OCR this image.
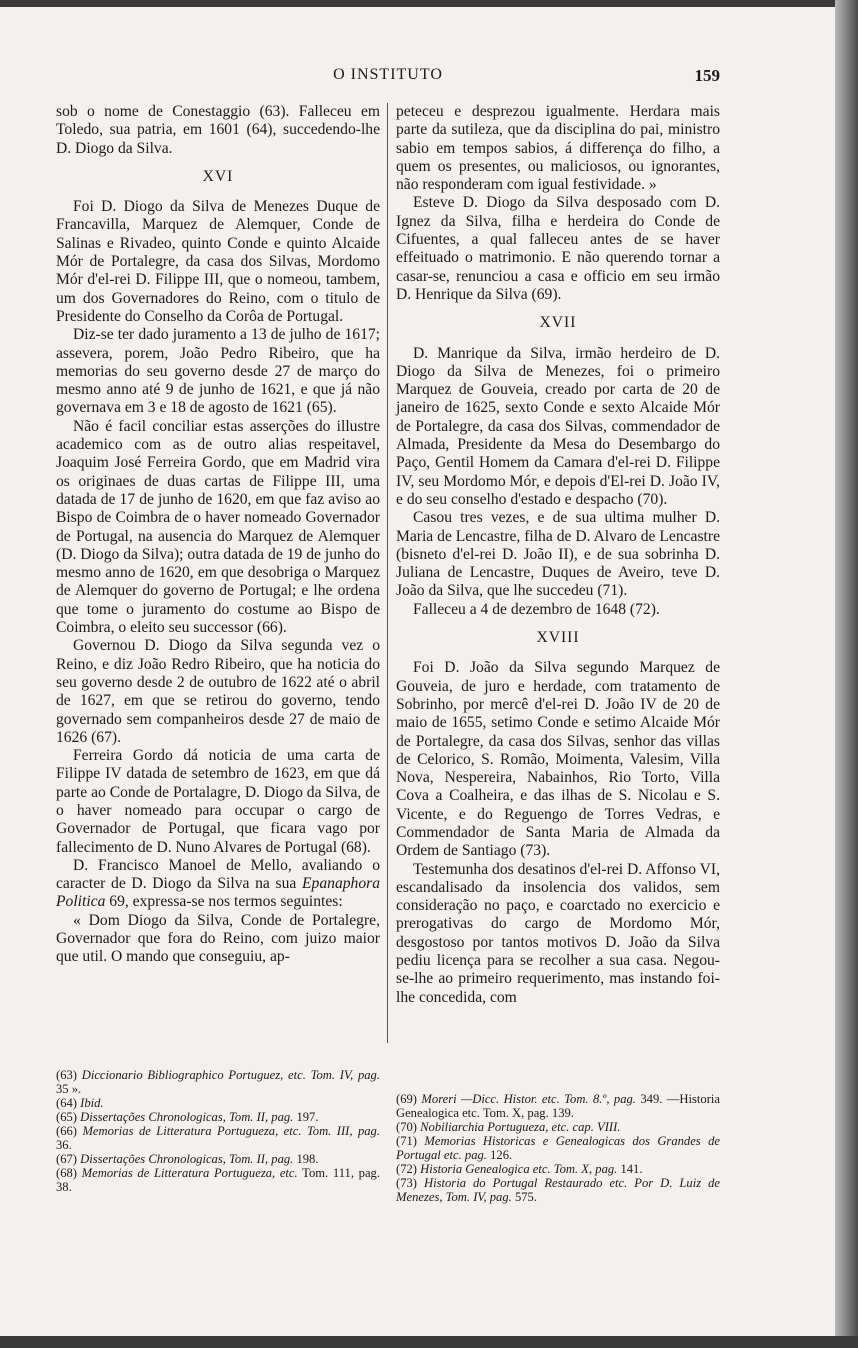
O INSTITUTO	159

sob o nome de Conestaggio (63). Falleceu em Toledo, sua patria, em 1601 (64), succedendo-lhe D. Diogo da Silva.

XVI

Foi D. Diogo da Silva de Menezes Duque de Francavilla, Marquez de Alemquer, Conde de Salinas e Rivadeo, quinto Conde e quinto Alcaide Mór de Portalegre, da casa dos Silvas, Mordomo Mór d'el-rei D. Filippe III, que o nomeou, tambem, um dos Governadores do Reino, com o titulo de Presidente do Conselho da Corôa de Portugal.

Diz-se ter dado juramento a 13 de julho de 1617; assevera, porem, João Pedro Ribeiro, que ha memorias do seu governo desde 27 de março do mesmo anno até 9 de junho de 1621, e que já não governava em 3 e 18 de agosto de 1621 (65).

Não é facil conciliar estas asserções do illustre academico com as de outro alias respeitavel, Joaquim José Ferreira Gordo, que em Madrid vira os originaes de duas cartas de Filippe III, uma datada de 17 de junho de 1620, em que faz aviso ao Bispo de Coimbra de o haver nomeado Governador de Portugal, na ausencia do Marquez de Alemquer (D. Diogo da Silva); outra datada de 19 de junho do mesmo anno de 1620, em que desobriga o Marquez de Alemquer do governo de Portugal; e lhe ordena que tome o juramento do costume ao Bispo de Coimbra, o eleito seu successor (66).

Governou D. Diogo da Silva segunda vez o Reino, e diz João Redro Ribeiro, que ha noticia do seu governo desde 2 de outubro de 1622 até o abril de 1627, em que se retirou do governo, tendo governado sem companheiros desde 27 de maio de 1626 (67).

Ferreira Gordo dá noticia de uma carta de Filippe IV datada de setembro de 1623, em que dá parte ao Conde de Portalagre, D. Diogo da Silva, de o haver nomeado para occupar o cargo de Governador de Portugal, que ficara vago por fallecimento de D. Nuno Alvares de Portugal (68).

D. Francisco Manoel de Mello, avaliando o caracter de D. Diogo da Silva na sua Epanaphora Politica 69, expressa-se nos termos seguintes:

« Dom Diogo da Silva, Conde de Portalegre, Governador que fora do Reino, com juizo maior que util. O mando que conseguiu, ap-

peteceu e desprezou igualmente. Herdara mais parte da sutileza, que da disciplina do pai, ministro sabio em tempos sabios, á differença do filho, a quem os presentes, ou maliciosos, ou ignorantes, não responderam com igual festividade. »

Esteve D. Diogo da Silva desposado com D. Ignez da Silva, filha e herdeira do Conde de Cifuentes, a qual falleceu antes de se haver effeituado o matrimonio. E não querendo tornar a casar-se, renunciou a casa e officio em seu irmão D. Henrique da Silva (69).

XVII

D. Manrique da Silva, irmão herdeiro de D. Diogo da Silva de Menezes, foi o primeiro Marquez de Gouveia, creado por carta de 20 de janeiro de 1625, sexto Conde e sexto Alcaide Mór de Portalegre, da casa dos Silvas, commendador de Almada, Presidente da Mesa do Desembargo do Paço, Gentil Homem da Camara d'el-rei D. Filippe IV, seu Mordomo Mór, e depois d'El-rei D. João IV, e do seu conselho d'estado e despacho (70).

Casou tres vezes, e de sua ultima mulher D. Maria de Lencastre, filha de D. Alvaro de Lencastre (bisneto d'el-rei D. João II), e de sua sobrinha D. Juliana de Lencastre, Duques de Aveiro, teve D. João da Silva, que lhe succedeu (71).

Falleceu a 4 de dezembro de 1648 (72).

XVIII

Foi D. João da Silva segundo Marquez de Gouveia, de juro e herdade, com tratamento de Sobrinho, por mercê d'el-rei D. João IV de 20 de maio de 1655, setimo Conde e setimo Alcaide Mór de Portalegre, da casa dos Silvas, senhor das villas de Celorico, S. Romão, Moimenta, Valesim, Villa Nova, Nespereira, Nabainhos, Rio Torto, Villa Cova a Coalheira, e das ilhas de S. Nicolau e S. Vicente, e do Reguengo de Torres Vedras, e Commendador de Santa Maria de Almada da Ordem de Santiago (73).

Testemunha dos desatinos d'el-rei D. Affonso VI, escandalisado da insolencia dos validos, sem consideração no paço, e coarctado no exercicio e prerogativas do cargo de Mordomo Mór, desgostoso por tantos motivos D. João da Silva pediu licença para se recolher a sua casa. Negou-se-lhe ao primeiro requerimento, mas instando foi-lhe concedida, com

(63) Diccionario Bibliographico Portuguez, etc. Tom. IV, pag. 35 ».
(64) Ibid.
(65) Dissertações Chronologicas, Tom. II, pag. 197.
(66) Memorias de Litteratura Portugueza, etc. Tom. III, pag. 36.
(67) Dissertações Chronologicas, Tom. II, pag. 198.
(68) Memorias de Litteratura Portugueza, etc. Tom. 111, pag. 38.
(69) Moreri —Dicc. Histor. etc. Tom. 8.º, pag. 349. —Historia Genealogica etc. Tom. X, pag. 139.
(70) Nobiliarchia Portugueza, etc. cap. VIII.
(71) Memorias Historicas e Genealogicas dos Grandes de Portugal etc. pag. 126.
(72) Historia Genealogica etc. Tom. X, pag. 141.
(73) Historia do Portugal Restaurado etc. Por D. Luiz de Menezes, Tom. IV, pag. 575.
